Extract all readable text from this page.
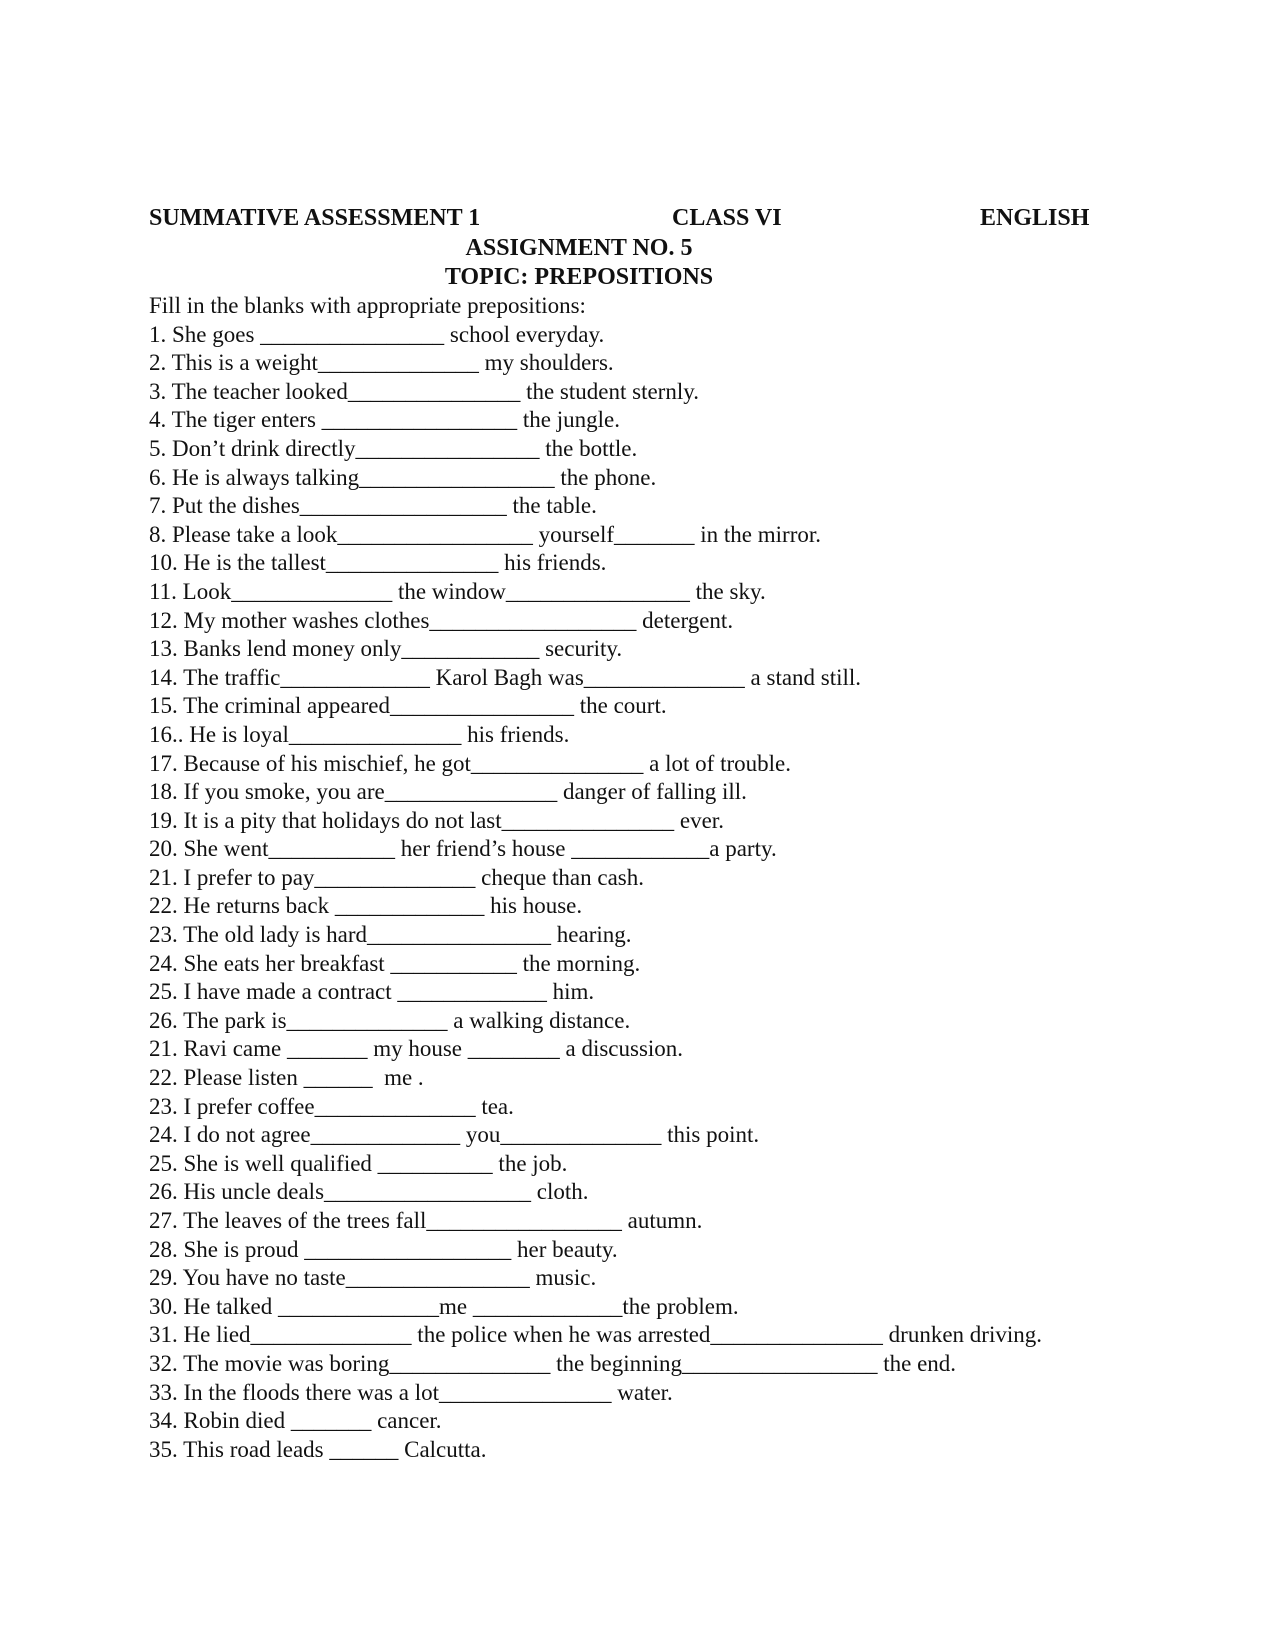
SUMMATIVE ASSESSMENT 1	CLASS VI	ENGLISH
ASSIGNMENT NO. 5
TOPIC: PREPOSITIONS
Fill in the blanks with appropriate prepositions:
1. She goes ________________ school everyday.
2. This is a weight______________ my shoulders.
3. The teacher looked_______________ the student sternly.
4. The tiger enters _________________ the jungle.
5. Don’t drink directly________________ the bottle.
6. He is always talking_________________ the phone.
7. Put the dishes__________________ the table.
8. Please take a look_________________ yourself_______ in the mirror.
10. He is the tallest_______________ his friends.
11. Look______________ the window________________ the sky.
12. My mother washes clothes__________________ detergent.
13. Banks lend money only____________ security.
14. The traffic_____________ Karol Bagh was______________ a stand still.
15. The criminal appeared________________ the court.
16.. He is loyal_______________ his friends.
17. Because of his mischief, he got_______________ a lot of trouble.
18. If you smoke, you are_______________ danger of falling ill.
19. It is a pity that holidays do not last_______________ ever.
20. She went___________ her friend’s house ____________a party.
21. I prefer to pay______________ cheque than cash.
22. He returns back _____________ his house.
23. The old lady is hard________________ hearing.
24. She eats her breakfast ___________ the morning.
25. I have made a contract _____________ him.
26. The park is______________ a walking distance.
21. Ravi came _______ my house ________ a discussion.
22. Please listen ______  me .
23. I prefer coffee______________ tea.
24. I do not agree_____________ you______________ this point.
25. She is well qualified __________ the job.
26. His uncle deals__________________ cloth.
27. The leaves of the trees fall_________________ autumn.
28. She is proud __________________ her beauty.
29. You have no taste________________ music.
30. He talked ______________me _____________the problem.
31. He lied______________ the police when he was arrested_______________ drunken driving.
32. The movie was boring______________ the beginning_________________ the end.
33. In the floods there was a lot_______________ water.
34. Robin died _______ cancer.
35. This road leads ______ Calcutta.
